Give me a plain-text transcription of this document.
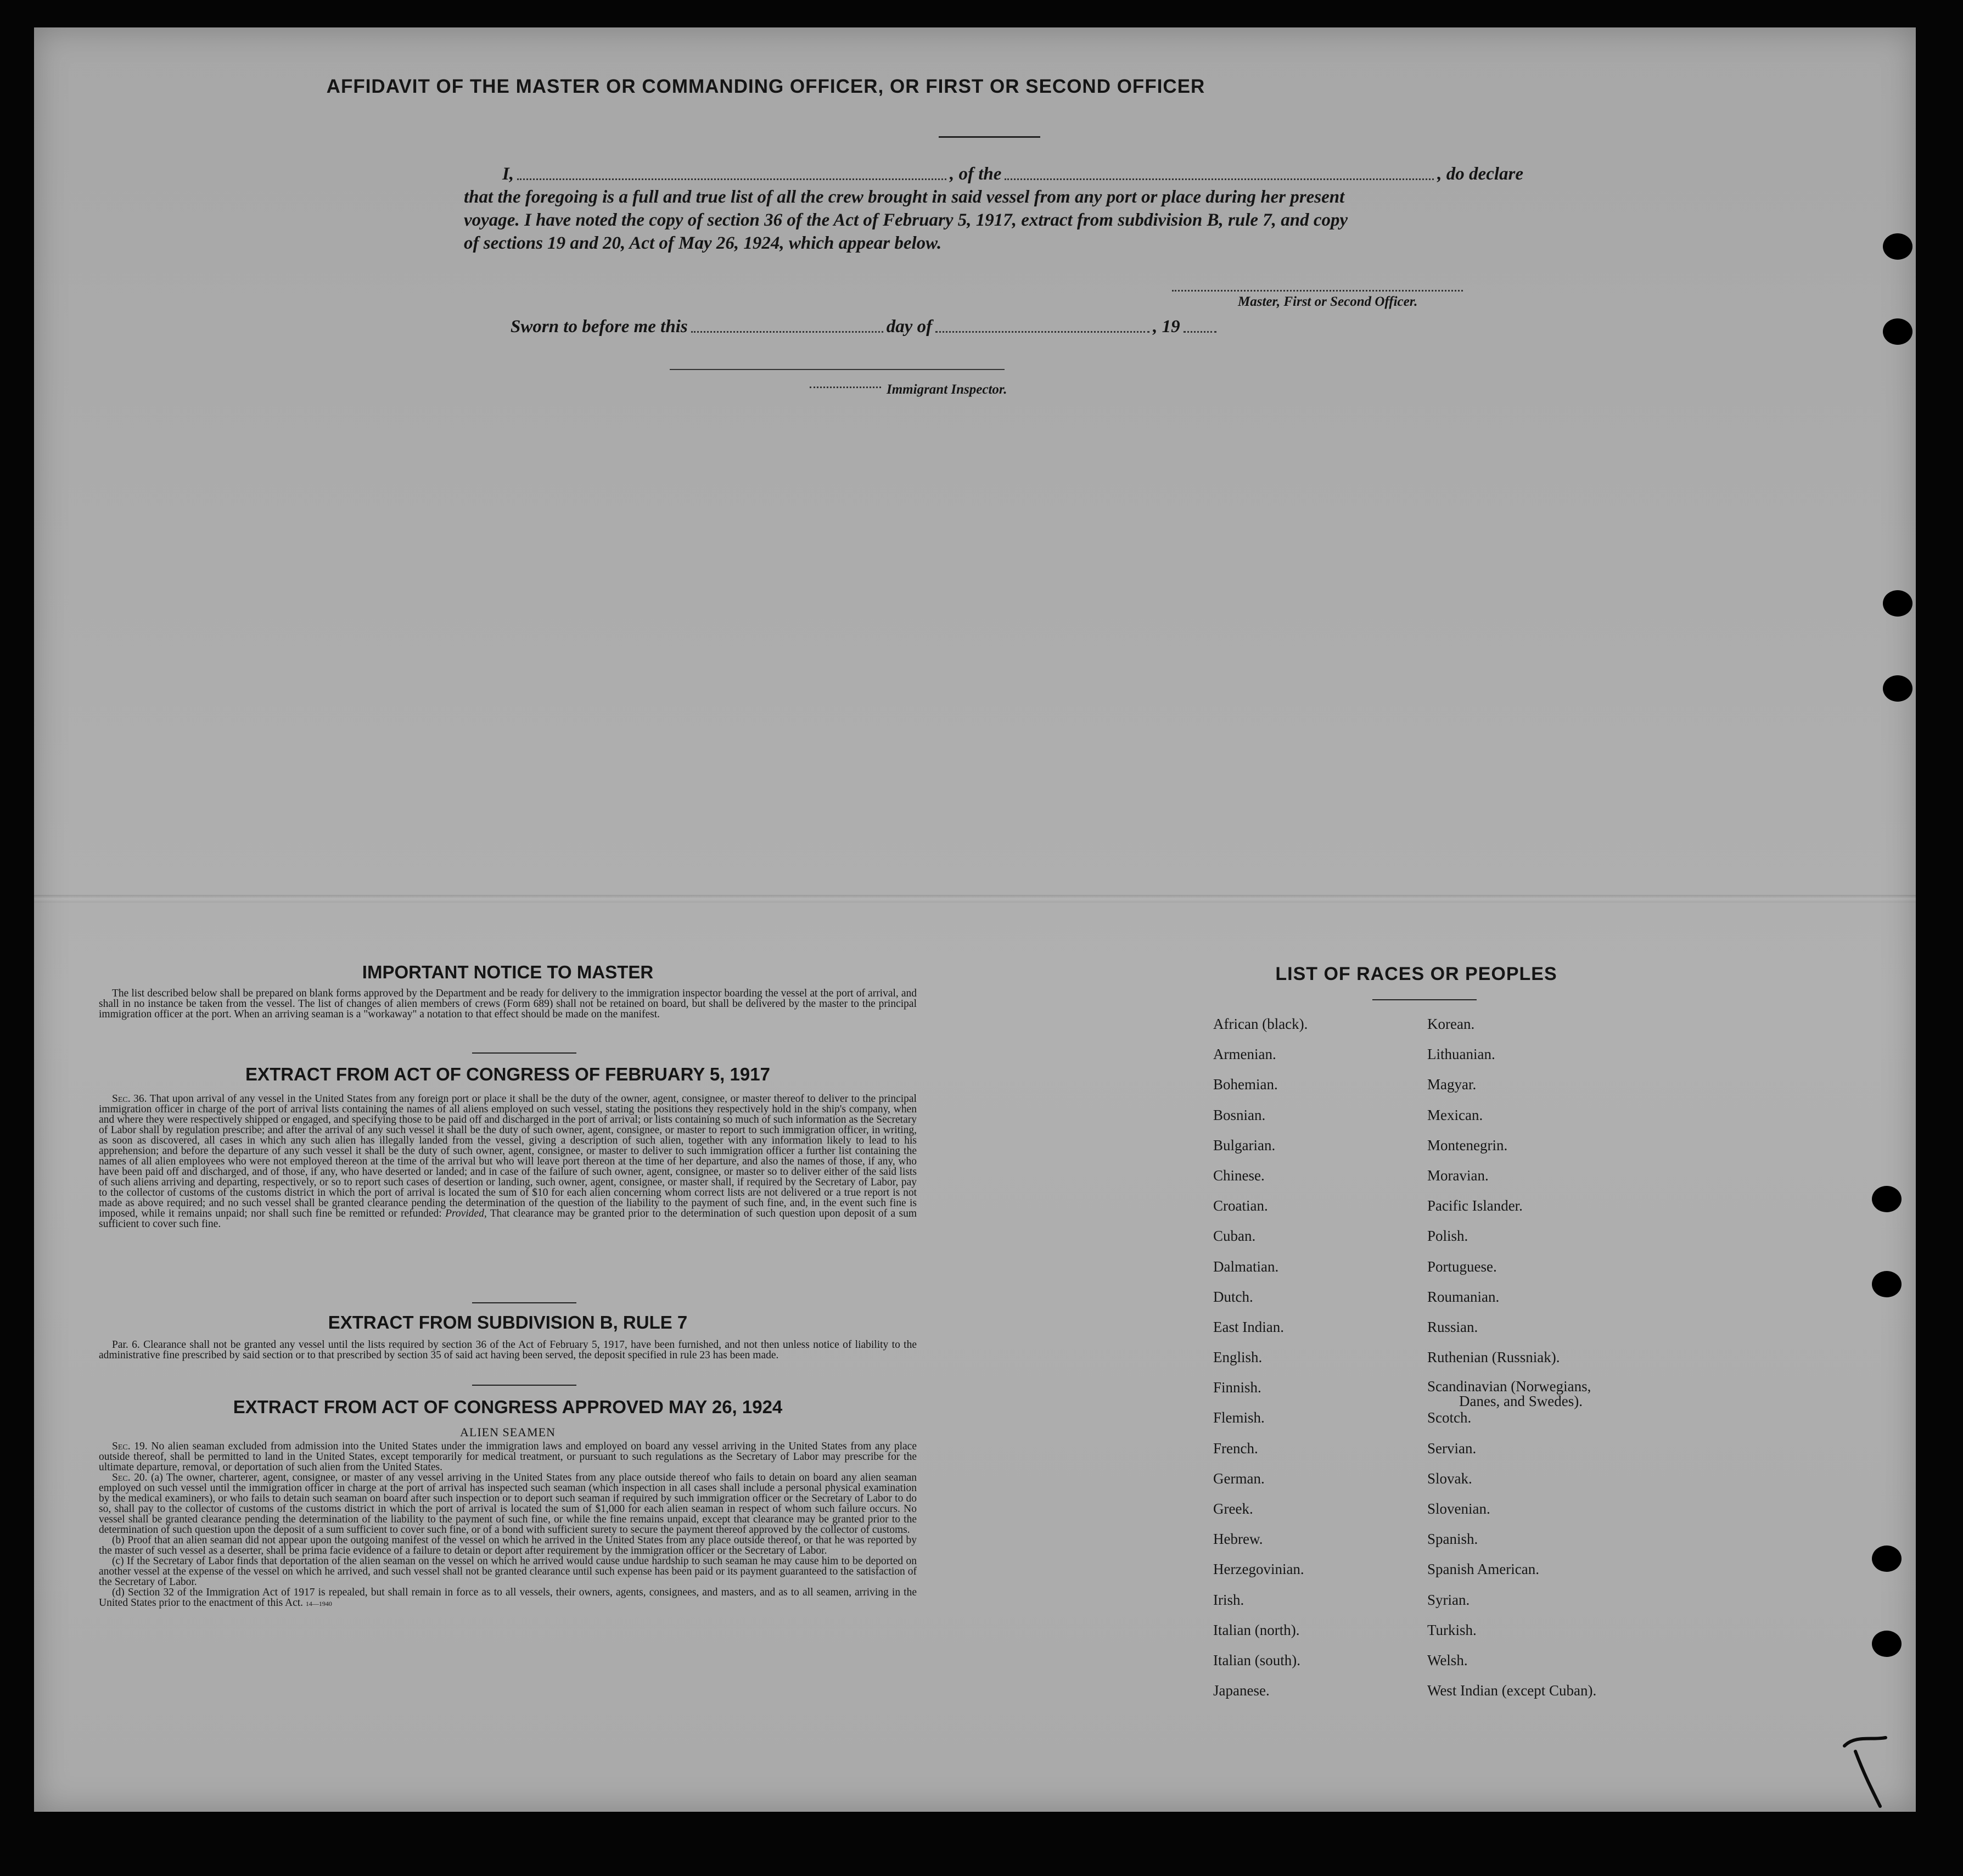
AFFIDAVIT OF THE MASTER OR COMMANDING OFFICER, OR FIRST OR SECOND OFFICER
I,	, of the	, do declare
that the foregoing is a full and true list of all the crew brought in said vessel from any port or place during her present
voyage. I have noted the copy of section 36 of the Act of February 5, 1917, extract from subdivision B, rule 7, and copy
of sections 19 and 20, Act of May 26, 1924, which appear below.
Master, First or Second Officer.
Sworn to before me this	day of	, 19
Immigrant Inspector.
IMPORTANT NOTICE TO MASTER

The list described below shall be prepared on blank forms approved by the Department and be ready for delivery to the immigration inspector boarding the vessel at the port of arrival, and shall in no instance be taken from the vessel. The list of changes of alien members of crews (Form 689) shall not be retained on board, but shall be delivered by the master to the principal immigration officer at the port. When an arriving seaman is a "workaway" a notation to that effect should be made on the manifest.

EXTRACT FROM ACT OF CONGRESS OF FEBRUARY 5, 1917

Sec. 36. That upon arrival of any vessel in the United States from any foreign port or place it shall be the duty of the owner, agent, consignee, or master thereof to deliver to the principal immigration officer in charge of the port of arrival lists containing the names of all aliens employed on such vessel, stating the positions they respectively hold in the ship's company, when and where they were respectively shipped or engaged, and specifying those to be paid off and discharged in the port of arrival; or lists containing so much of such information as the Secretary of Labor shall by regulation prescribe; and after the arrival of any such vessel it shall be the duty of such owner, agent, consignee, or master to report to such immigration officer, in writing, as soon as discovered, all cases in which any such alien has illegally landed from the vessel, giving a description of such alien, together with any information likely to lead to his apprehension; and before the departure of any such vessel it shall be the duty of such owner, agent, consignee, or master to deliver to such immigration officer a further list containing the names of all alien employees who were not employed thereon at the time of the arrival but who will leave port thereon at the time of her departure, and also the names of those, if any, who have been paid off and discharged, and of those, if any, who have deserted or landed; and in case of the failure of such owner, agent, consignee, or master so to deliver either of the said lists of such aliens arriving and departing, respectively, or so to report such cases of desertion or landing, such owner, agent, consignee, or master shall, if required by the Secretary of Labor, pay to the collector of customs of the customs district in which the port of arrival is located the sum of $10 for each alien concerning whom correct lists are not delivered or a true report is not made as above required; and no such vessel shall be granted clearance pending the determination of the question of the liability to the payment of such fine, and, in the event such fine is imposed, while it remains unpaid; nor shall such fine be remitted or refunded: Provided, That clearance may be granted prior to the determination of such question upon deposit of a sum sufficient to cover such fine.

EXTRACT FROM SUBDIVISION B, RULE 7

Par. 6. Clearance shall not be granted any vessel until the lists required by section 36 of the Act of February 5, 1917, have been furnished, and not then unless notice of liability to the administrative fine prescribed by said section or to that prescribed by section 35 of said act having been served, the deposit specified in rule 23 has been made.

EXTRACT FROM ACT OF CONGRESS APPROVED MAY 26, 1924
ALIEN SEAMEN

Sec. 19. No alien seaman excluded from admission into the United States under the immigration laws and employed on board any vessel arriving in the United States from any place outside thereof, shall be permitted to land in the United States, except temporarily for medical treatment, or pursuant to such regulations as the Secretary of Labor may prescribe for the ultimate departure, removal, or deportation of such alien from the United States.

Sec. 20. (a) The owner, charterer, agent, consignee, or master of any vessel arriving in the United States from any place outside thereof who fails to detain on board any alien seaman employed on such vessel until the immigration officer in charge at the port of arrival has inspected such seaman (which inspection in all cases shall include a personal physical examination by the medical examiners), or who fails to detain such seaman on board after such inspection or to deport such seaman if required by such immigration officer or the Secretary of Labor to do so, shall pay to the collector of customs of the customs district in which the port of arrival is located the sum of $1,000 for each alien seaman in respect of whom such failure occurs. No vessel shall be granted clearance pending the determination of the liability to the payment of such fine, or while the fine remains unpaid, except that clearance may be granted prior to the determination of such question upon the deposit of a sum sufficient to cover such fine, or of a bond with sufficient surety to secure the payment thereof approved by the collector of customs.

(b) Proof that an alien seaman did not appear upon the outgoing manifest of the vessel on which he arrived in the United States from any place outside thereof, or that he was reported by the master of such vessel as a deserter, shall be prima facie evidence of a failure to detain or deport after requirement by the immigration officer or the Secretary of Labor.

(c) If the Secretary of Labor finds that deportation of the alien seaman on the vessel on which he arrived would cause undue hardship to such seaman he may cause him to be deported on another vessel at the expense of the vessel on which he arrived, and such vessel shall not be granted clearance until such expense has been paid or its payment guaranteed to the satisfaction of the Secretary of Labor.

(d) Section 32 of the Immigration Act of 1917 is repealed, but shall remain in force as to all vessels, their owners, agents, consignees, and masters, and as to all seamen, arriving in the United States prior to the enactment of this Act. 14—1940

LIST OF RACES OR PEOPLES
African (black).
Armenian.
Bohemian.
Bosnian.
Bulgarian.
Chinese.
Croatian.
Cuban.
Dalmatian.
Dutch.
East Indian.
English.
Finnish.
Flemish.
French.
German.
Greek.
Hebrew.
Herzegovinian.
Irish.
Italian (north).
Italian (south).
Japanese.
Korean.
Lithuanian.
Magyar.
Mexican.
Montenegrin.
Moravian.
Pacific Islander.
Polish.
Portuguese.
Roumanian.
Russian.
Ruthenian (Russniak).
Scandinavian (Norwegians,
Danes, and Swedes).
Scotch.
Servian.
Slovak.
Slovenian.
Spanish.
Spanish American.
Syrian.
Turkish.
Welsh.
West Indian (except Cuban).
